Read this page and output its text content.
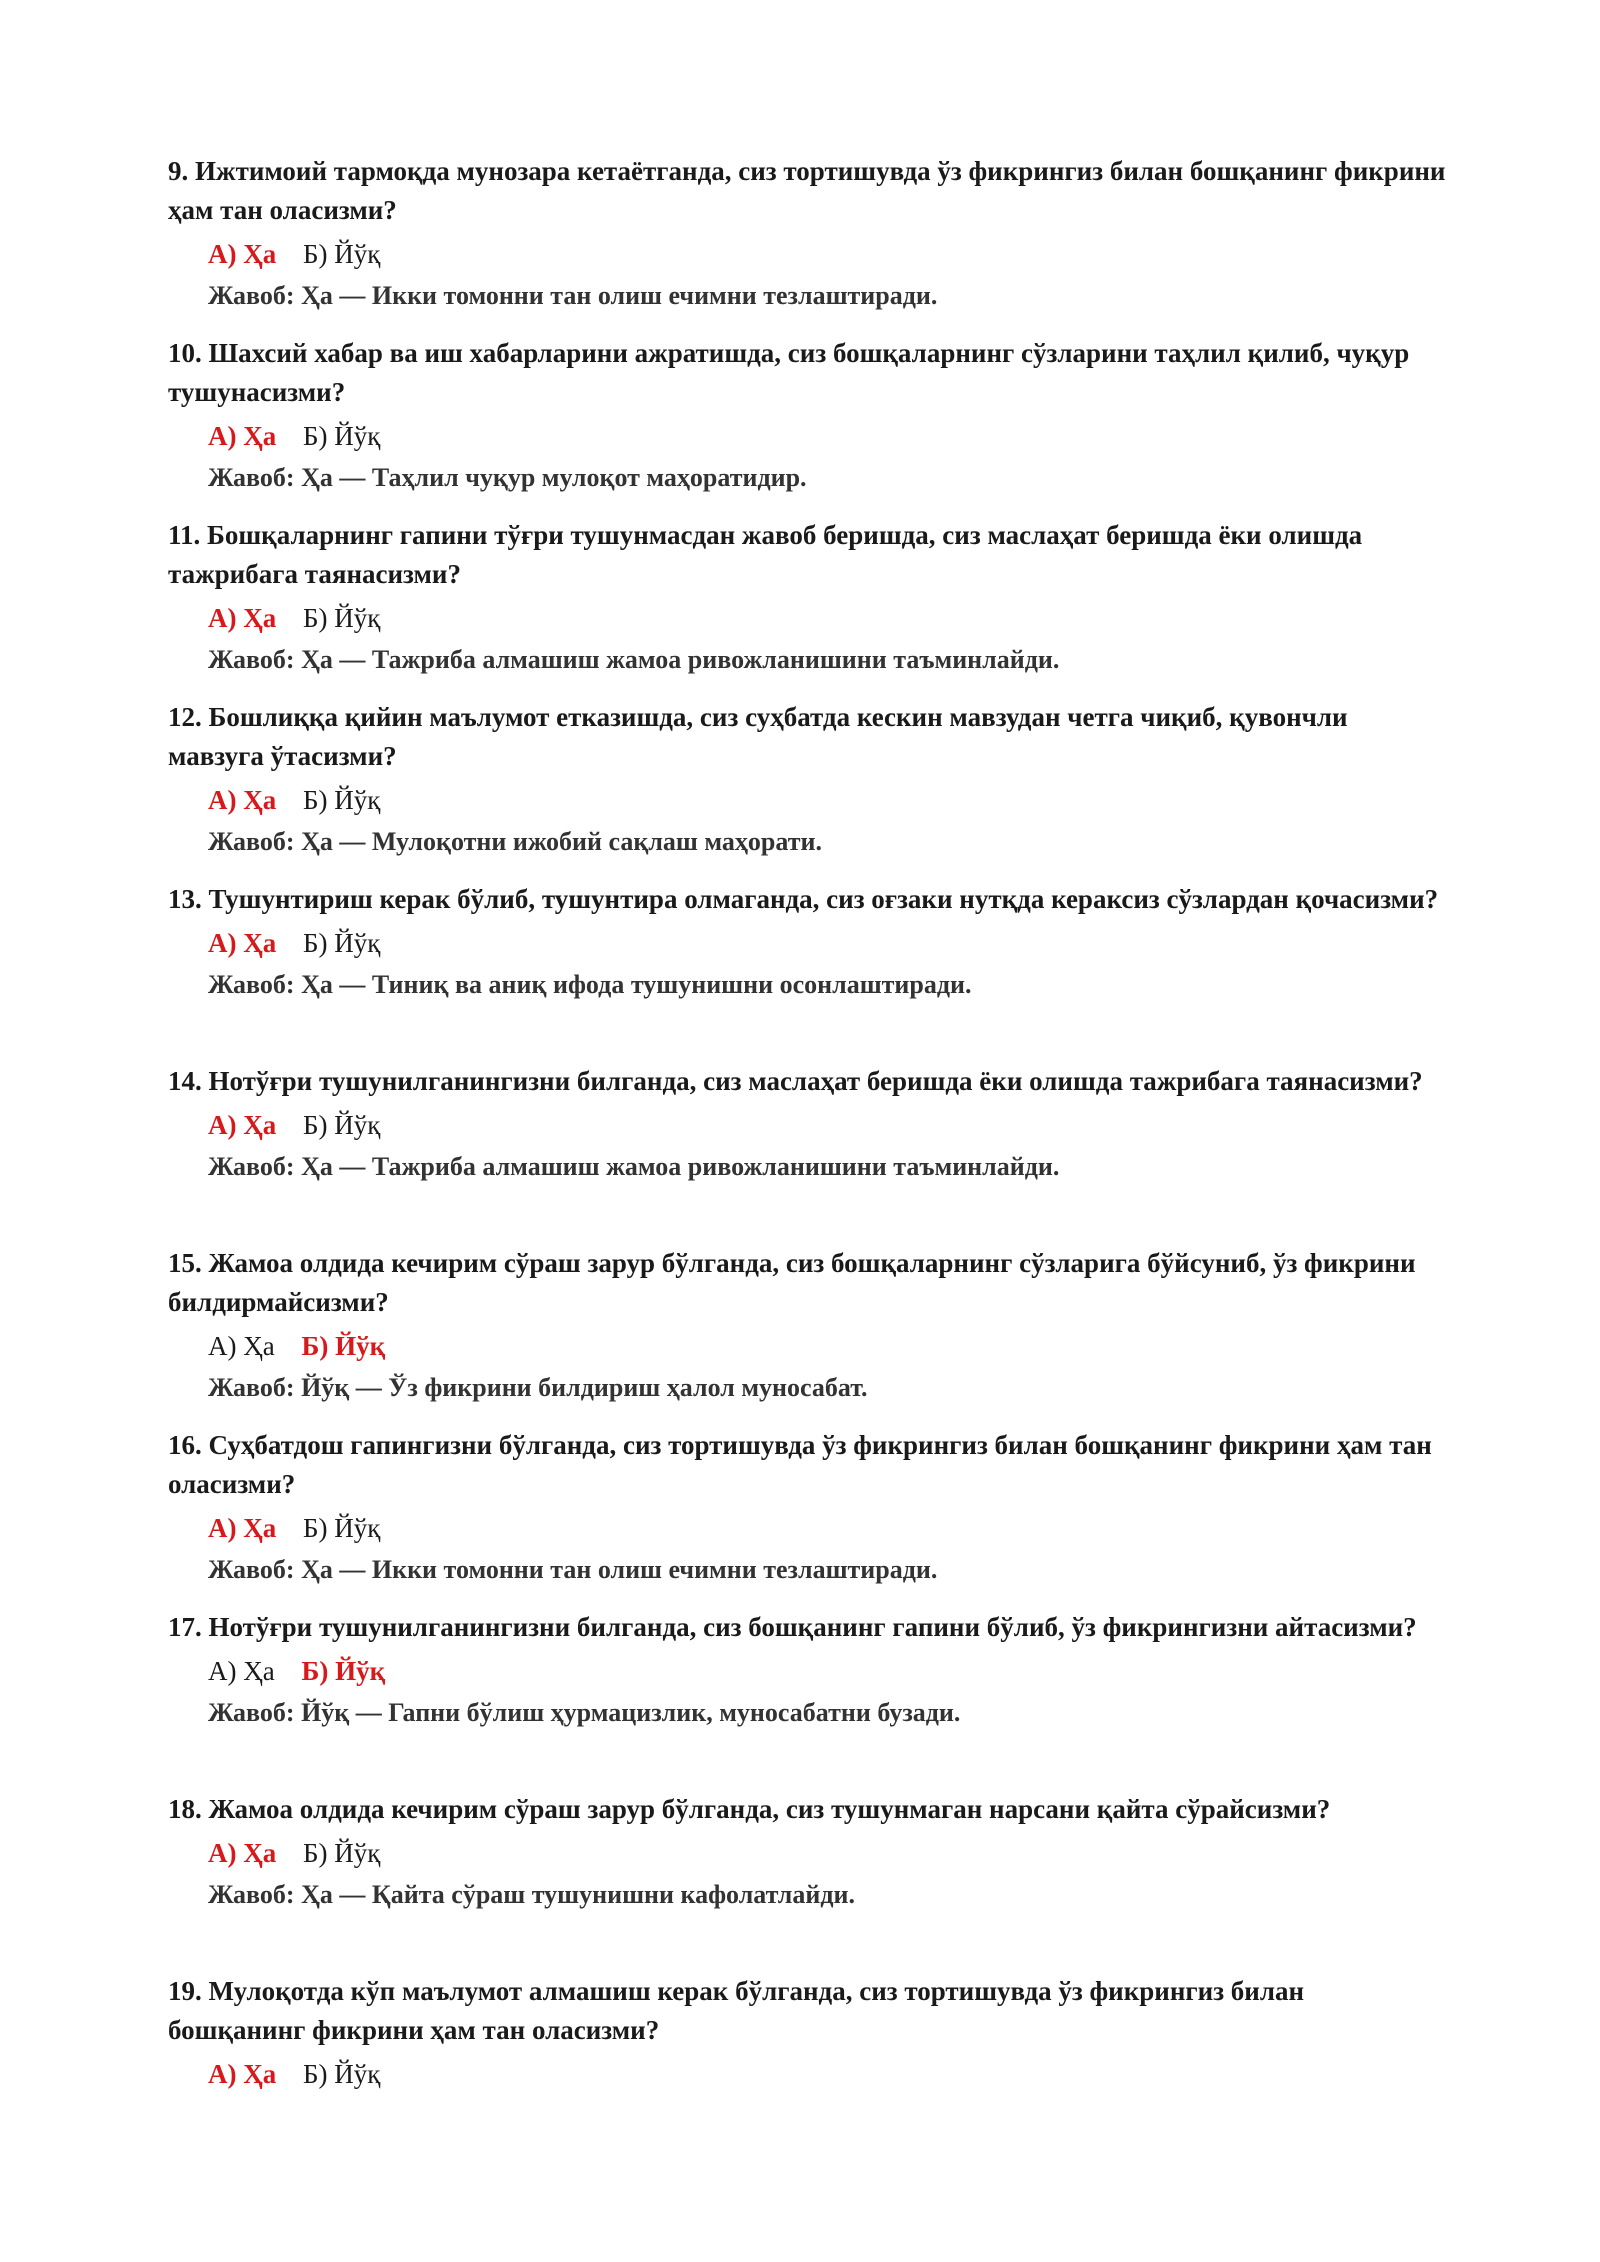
9. Ижтимоий тармоқда мунозара кетаётганда, сиз тортишувда ўз фикрингиз билан бошқанинг фикрини ҳам тан оласизми?

А) Ҳа Б) Йўқ
Жавоб: Ҳа — Икки томонни тан олиш ечимни тезлаштиради.

10. Шахсий хабар ва иш хабарларини ажратишда, сиз бошқаларнинг сўзларини таҳлил қилиб, чуқур тушунасизми?

А) Ҳа Б) Йўқ
Жавоб: Ҳа — Таҳлил чуқур мулоқот маҳоратидир.

11. Бошқаларнинг гапини тўғри тушунмасдан жавоб беришда, сиз маслаҳат беришда ёки олишда тажрибага таянасизми?

А) Ҳа Б) Йўқ
Жавоб: Ҳа — Тажриба алмашиш жамоа ривожланишини таъминлайди.

12. Бошлиққа қийин маълумот етказишда, сиз суҳбатда кескин мавзудан четга чиқиб, қувончли мавзуга ўтасизми?

А) Ҳа Б) Йўқ
Жавоб: Ҳа — Мулоқотни ижобий сақлаш маҳорати.

13. Тушунтириш керак бўлиб, тушунтира олмаганда, сиз оғзаки нутқда кераксиз сўзлардан қочасизми?

А) Ҳа Б) Йўқ
Жавоб: Ҳа — Тиниқ ва аниқ ифода тушунишни осонлаштиради.

14. Нотўғри тушунилганингизни билганда, сиз маслаҳат беришда ёки олишда тажрибага таянасизми?

А) Ҳа Б) Йўқ
Жавоб: Ҳа — Тажриба алмашиш жамоа ривожланишини таъминлайди.

15. Жамоа олдида кечирим сўраш зарур бўлганда, сиз бошқаларнинг сўзларига бўйсуниб, ўз фикрини билдирмайсизми?

А) Ҳа Б) Йўқ
Жавоб: Йўқ — Ўз фикрини билдириш ҳалол муносабат.

16. Суҳбатдош гапингизни бўлганда, сиз тортишувда ўз фикрингиз билан бошқанинг фикрини ҳам тан оласизми?

А) Ҳа Б) Йўқ
Жавоб: Ҳа — Икки томонни тан олиш ечимни тезлаштиради.

17. Нотўғри тушунилганингизни билганда, сиз бошқанинг гапини бўлиб, ўз фикрингизни айтасизми?

А) Ҳа Б) Йўқ
Жавоб: Йўқ — Гапни бўлиш ҳурмацизлик, муносабатни бузади.

18. Жамоа олдида кечирим сўраш зарур бўлганда, сиз тушунмаган нарсани қайта сўрайсизми?

А) Ҳа Б) Йўқ
Жавоб: Ҳа — Қайта сўраш тушунишни кафолатлайди.

19. Мулоқотда кўп маълумот алмашиш керак бўлганда, сиз тортишувда ўз фикрингиз билан бошқанинг фикрини ҳам тан оласизми?

А) Ҳа Б) Йўқ
